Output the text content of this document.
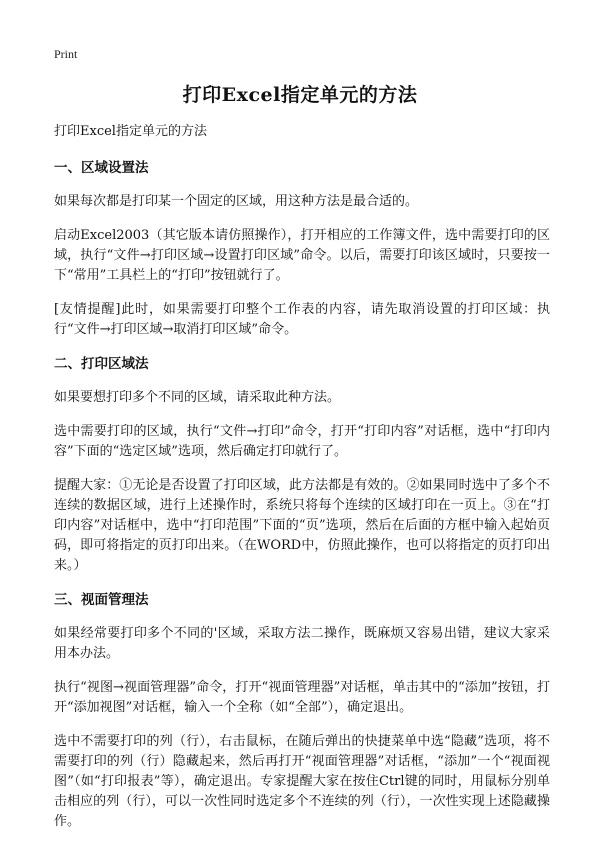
Print
打印Excel指定单元的方法

打印Excel指定单元的方法

一、区域设置法

如果每次都是打印某一个固定的区域，用这种方法是最合适的。

启动Excel2003（其它版本请仿照操作），打开相应的工作簿文件，选中需要打印的区域，执行“文件→打印区域→设置打印区域”命令。以后，需要打印该区域时，只要按一下“常用”工具栏上的“打印”按钮就行了。

[友情提醒]此时，如果需要打印整个工作表的内容，请先取消设置的打印区域：执行“文件→打印区域→取消打印区域”命令。

二、打印区域法

如果要想打印多个不同的区域，请采取此种方法。

选中需要打印的区域，执行“文件→打印”命令，打开“打印内容”对话框，选中“打印内容”下面的“选定区域”选项，然后确定打印就行了。

提醒大家：①无论是否设置了打印区域，此方法都是有效的。②如果同时选中了多个不连续的数据区域，进行上述操作时，系统只将每个连续的区域打印在一页上。③在“打印内容”对话框中，选中“打印范围”下面的“页”选项，然后在后面的方框中输入起始页码，即可将指定的页打印出来。（在WORD中，仿照此操作，也可以将指定的页打印出来。）

三、视面管理法

如果经常要打印多个不同的'区域，采取方法二操作，既麻烦又容易出错，建议大家采用本办法。

执行“视图→视面管理器”命令，打开“视面管理器”对话框，单击其中的“添加”按钮，打开“添加视图”对话框，输入一个全称（如“全部”），确定退出。

选中不需要打印的列（行），右击鼠标，在随后弹出的快捷菜单中选“隐藏”选项，将不需要打印的列（行）隐藏起来，然后再打开“视面管理器”对话框，“添加”一个“视面视图”（如“打印报表”等），确定退出。专家提醒大家在按住Ctrl键的同时，用鼠标分别单击相应的列（行），可以一次性同时选定多个不连续的列（行），一次性实现上述隐藏操作。
